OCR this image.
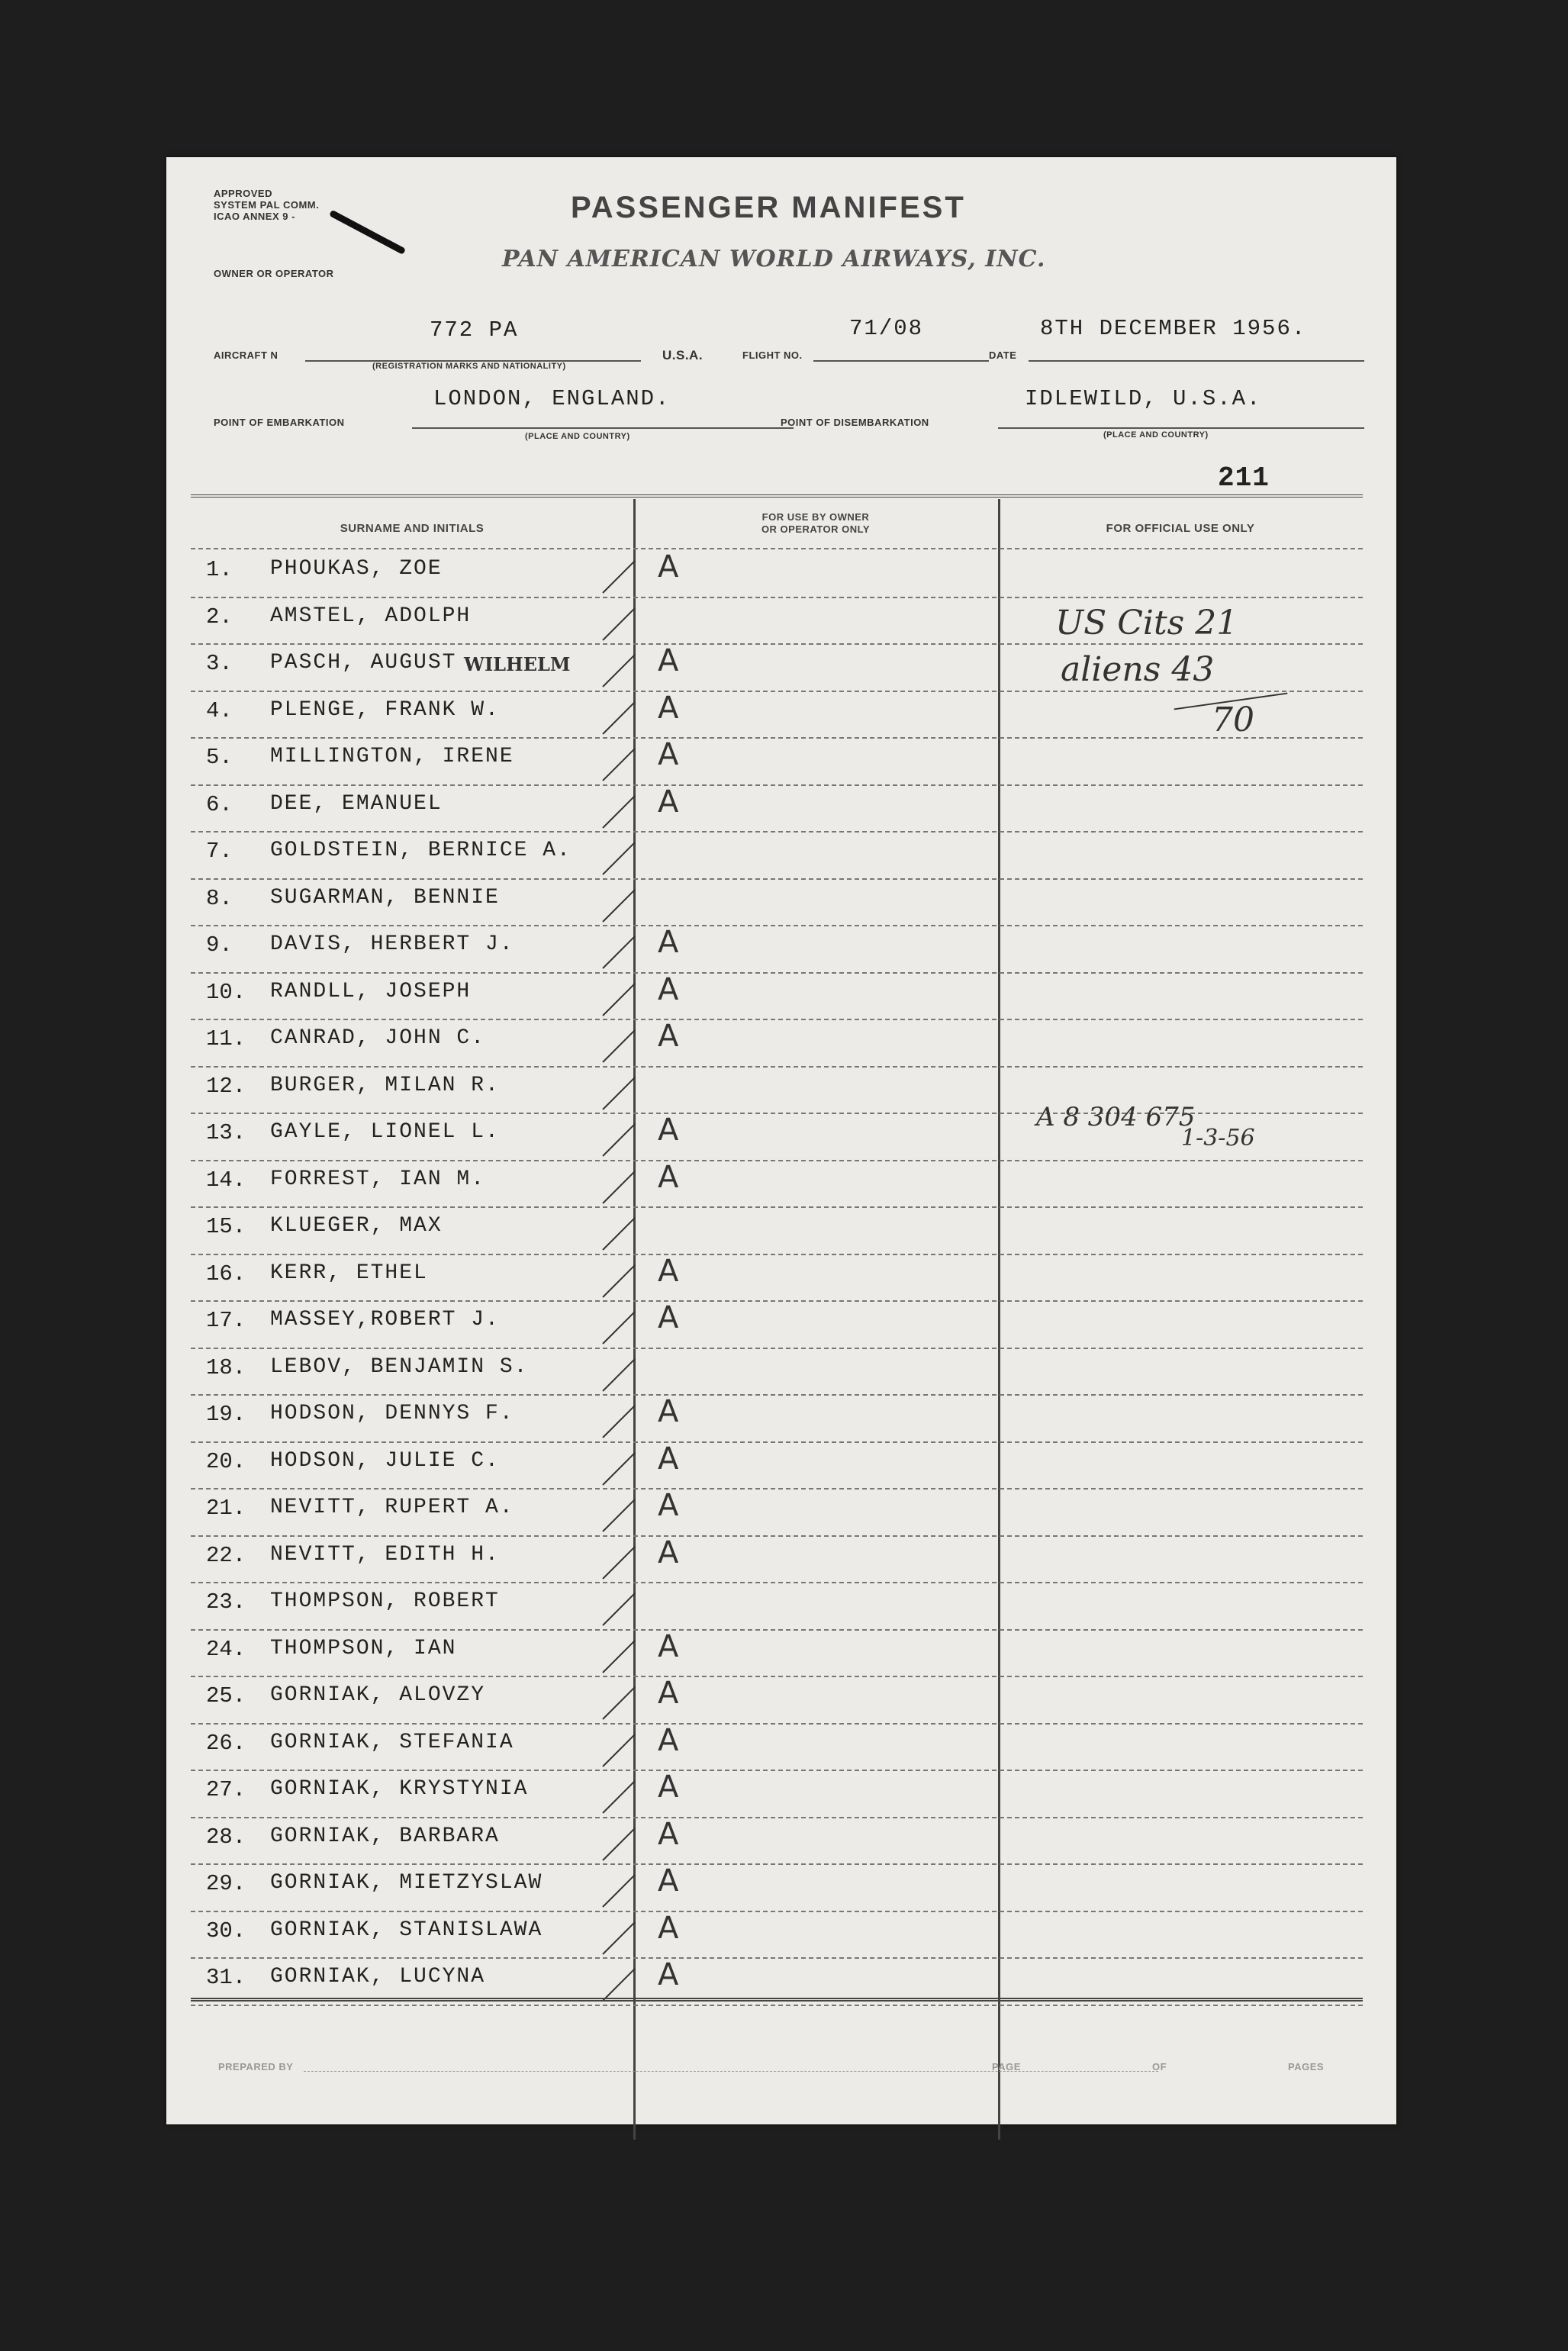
APPROVED
SYSTEM PAL COMM.
ICAO ANNEX 9 -	PASSENGER MANIFEST
OWNER OR OPERATOR
PAN AMERICAN WORLD AIRWAYS, INC.
AIRCRAFT N
772 PA
(REGISTRATION MARKS AND NATIONALITY)
U.S.A.	FLIGHT NO.
71/08
DATE
8TH DECEMBER 1956.
POINT OF EMBARKATION
LONDON, ENGLAND.
(PLACE AND COUNTRY)
POINT OF DISEMBARKATION
IDLEWILD, U.S.A.
(PLACE AND COUNTRY)
211
SURNAME AND INITIALS
FOR USE BY OWNER
OR OPERATOR ONLY	FOR OFFICIAL USE ONLY
1. PHOUKAS, ZOE	A
2. AMSTEL, ADOLPH
3. PASCH, AUGUST	A
4. PLENGE, FRANK W.	A
5. MILLINGTON, IRENE	A
6. DEE, EMANUEL	A
7. GOLDSTEIN, BERNICE A.
8. SUGARMAN, BENNIE
9. DAVIS, HERBERT J.	A
10. RANDLL, JOSEPH	A
11. CANRAD, JOHN C.	A
12. BURGER, MILAN R.
13. GAYLE, LIONEL L.	A
14. FORREST, IAN M.	A
15. KLUEGER, MAX
16. KERR, ETHEL	A
17. MASSEY,ROBERT J.	A
18. LEBOV, BENJAMIN S.
19. HODSON, DENNYS F.	A
20. HODSON, JULIE C.	A
21. NEVITT, RUPERT A.	A
22. NEVITT, EDITH H.	A
23. THOMPSON, ROBERT
24. THOMPSON, IAN	A
25. GORNIAK, ALOVZY	A
26. GORNIAK, STEFANIA	A
27. GORNIAK, KRYSTYNIA	A
28. GORNIAK, BARBARA	A
29. GORNIAK, MIETZYSLAW	A
30. GORNIAK, STANISLAWA	A
31. GORNIAK, LUCYNA	A
WILHELM
US Cits 21
aliens 43
70
A 8 304 675
1-3-56
PREPARED BY	PAGE	OF	PAGES
